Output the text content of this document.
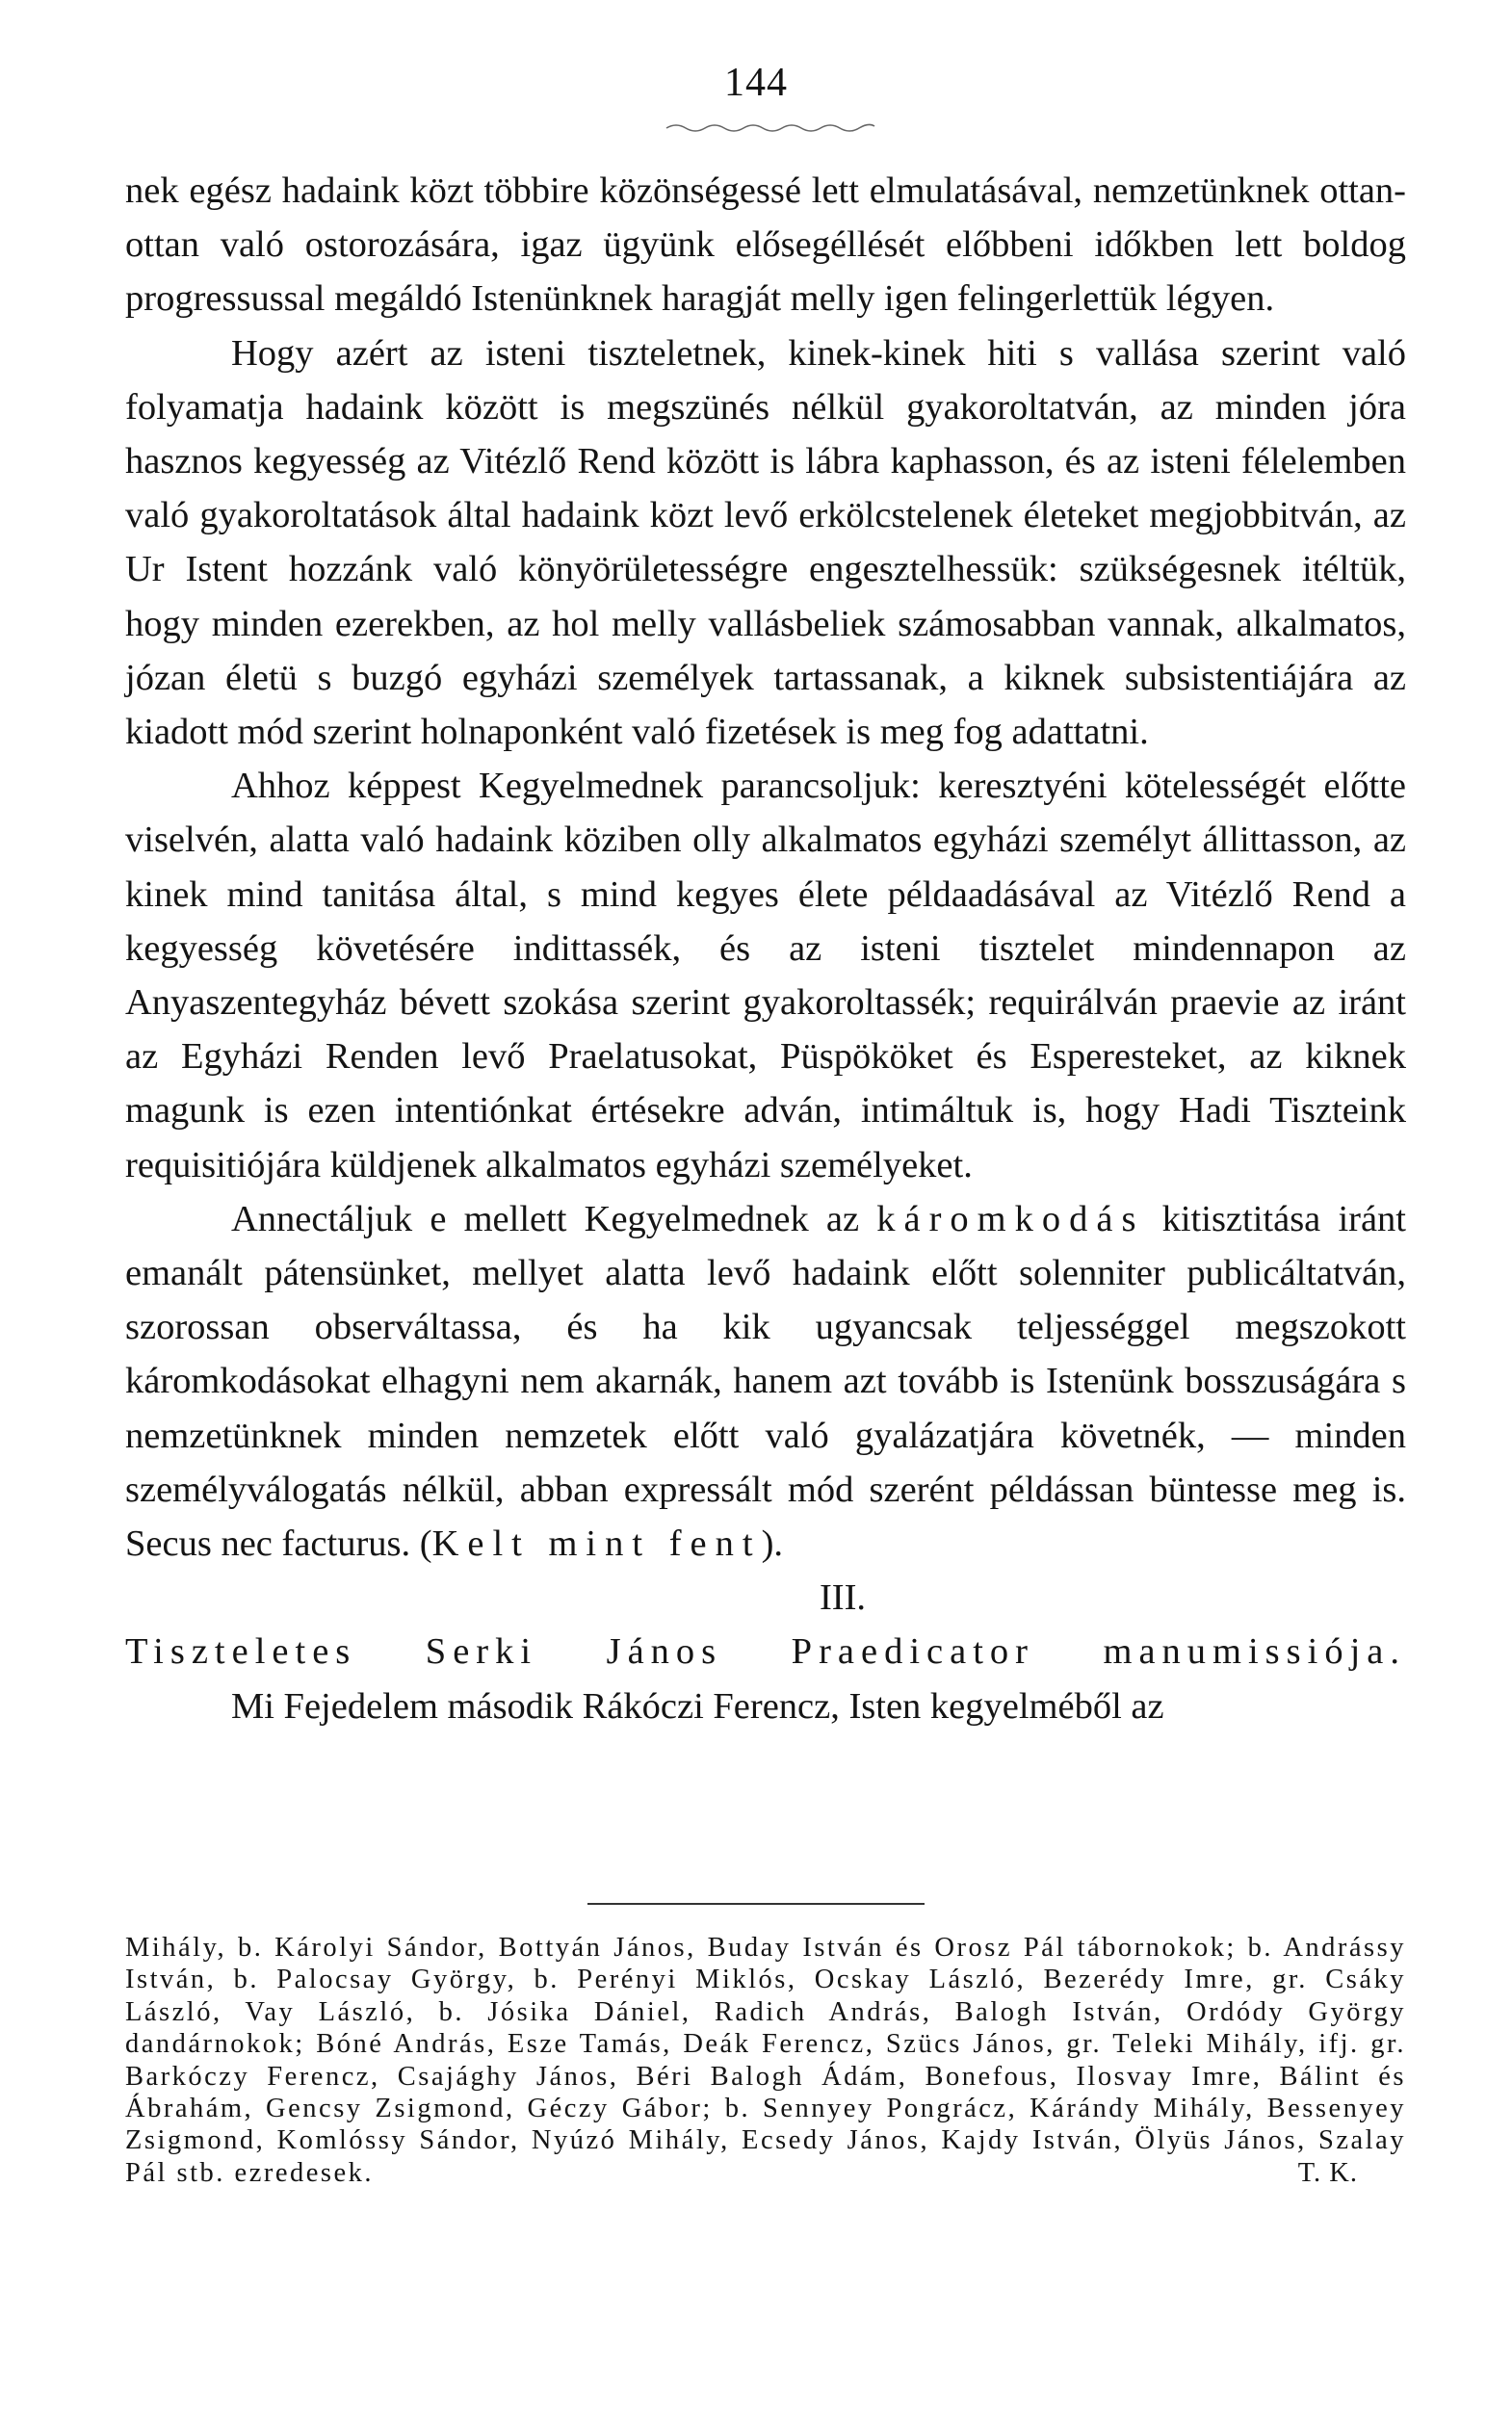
144

nek egész hadaink közt többire közönségessé lett elmulatásával, nemzetünknek ottan-ottan való ostorozására, igaz ügyünk elősegéllését előbbeni időkben lett boldog progressussal megáldó Istenünknek haragját melly igen felingerlettük légyen.

Hogy azért az isteni tiszteletnek, kinek-kinek hiti s vallása szerint való folyamatja hadaink között is megszünés nélkül gyakoroltatván, az minden jóra hasznos kegyesség az Vitézlő Rend között is lábra kaphasson, és az isteni félelemben való gyakoroltatások által hadaink közt levő erkölcstelenek életeket megjobbitván, az Ur Istent hozzánk való könyörületességre engesztelhessük: szükségesnek itéltük, hogy minden ezerekben, az hol melly vallásbeliek számosabban vannak, alkalmatos, józan életü s buzgó egyházi személyek tartassanak, a kiknek subsistentiájára az kiadott mód szerint holnaponként való fizetések is meg fog adattatni.

Ahhoz képpest Kegyelmednek parancsoljuk: keresztyéni kötelességét előtte viselvén, alatta való hadaink köziben olly alkalmatos egyházi személyt állittasson, az kinek mind tanitása által, s mind kegyes élete példaadásával az Vitézlő Rend a kegyesség követésére indittassék, és az isteni tisztelet mindennapon az Anyaszentegyház bévett szokása szerint gyakoroltassék; requirálván praevie az iránt az Egyházi Renden levő Praelatusokat, Püspököket és Esperesteket, az kiknek magunk is ezen intentiónkat értésekre adván, intimáltuk is, hogy Hadi Tiszteink requisitiójára küldjenek alkalmatos egyházi személyeket.

Annectáljuk e mellett Kegyelmednek az káromkodás kitisztitása iránt emanált pátensünket, mellyet alatta levő hadaink előtt solenniter publicáltatván, szorossan observáltassa, és ha kik ugyancsak teljességgel megszokott káromkodásokat elhagyni nem akarnák, hanem azt tovább is Istenünk bosszuságára s nemzetünknek minden nemzetek előtt való gyalázatjára követnék, — minden személyválogatás nélkül, abban expressált mód szerént példássan büntesse meg is. Secus nec facturus. (Kelt mint fent).

III.

Tiszteletes Serki János Praedicator manumissiója.

Mi Fejedelem második Rákóczi Ferencz, Isten kegyelméből az

Mihály, b. Károlyi Sándor, Bottyán János, Buday István és Orosz Pál tábornokok; b. Andrássy István, b. Palocsay György, b. Perényi Miklós, Ocskay László, Bezerédy Imre, gr. Csáky László, Vay László, b. Jósika Dániel, Radich András, Balogh István, Ordódy György dandárnokok; Bóné András, Esze Tamás, Deák Ferencz, Szücs János, gr. Teleki Mihály, ifj. gr. Barkóczy Ferencz, Csajághy János, Béri Balogh Ádám, Bonefous, Ilosvay Imre, Bálint és Ábrahám, Gencsy Zsigmond, Géczy Gábor; b. Sennyey Pongrácz, Kárándy Mihály, Bessenyey Zsigmond, Komlóssy Sándor, Nyúzó Mihály, Ecsedy János, Kajdy István, Ölyüs János, Szalay Pál stb. ezredesek.	T. K.
